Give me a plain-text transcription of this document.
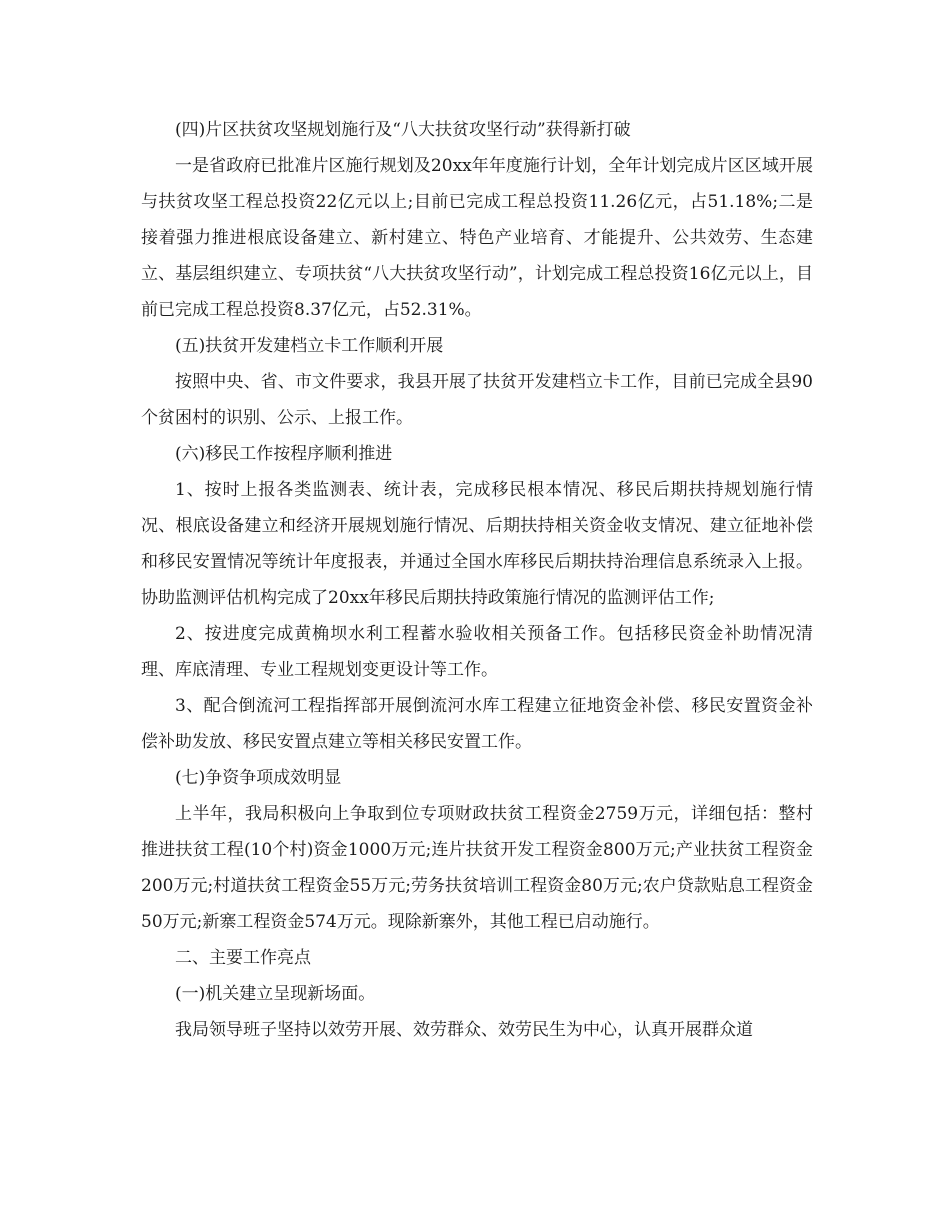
(四)片区扶贫攻坚规划施行及“八大扶贫攻坚行动”获得新打破

一是省政府已批准片区施行规划及20xx年年度施行计划，全年计划完成片区区域开展与扶贫攻坚工程总投资22亿元以上;目前已完成工程总投资11.26亿元，占51.18%;二是接着强力推进根底设备建立、新村建立、特色产业培育、才能提升、公共效劳、生态建立、基层组织建立、专项扶贫“八大扶贫攻坚行动”，计划完成工程总投资16亿元以上，目前已完成工程总投资8.37亿元，占52.31%。

(五)扶贫开发建档立卡工作顺利开展

按照中央、省、市文件要求，我县开展了扶贫开发建档立卡工作，目前已完成全县90个贫困村的识别、公示、上报工作。

(六)移民工作按程序顺利推进

1、按时上报各类监测表、统计表，完成移民根本情况、移民后期扶持规划施行情况、根底设备建立和经济开展规划施行情况、后期扶持相关资金收支情况、建立征地补偿和移民安置情况等统计年度报表，并通过全国水库移民后期扶持治理信息系统录入上报。协助监测评估机构完成了20xx年移民后期扶持政策施行情况的监测评估工作;

2、按进度完成黄桷坝水利工程蓄水验收相关预备工作。包括移民资金补助情况清理、库底清理、专业工程规划变更设计等工作。

3、配合倒流河工程指挥部开展倒流河水库工程建立征地资金补偿、移民安置资金补偿补助发放、移民安置点建立等相关移民安置工作。

(七)争资争项成效明显

上半年，我局积极向上争取到位专项财政扶贫工程资金2759万元，详细包括：整村推进扶贫工程(10个村)资金1000万元;连片扶贫开发工程资金800万元;产业扶贫工程资金200万元;村道扶贫工程资金55万元;劳务扶贫培训工程资金80万元;农户贷款贴息工程资金50万元;新寨工程资金574万元。现除新寨外，其他工程已启动施行。

二、主要工作亮点

(一)机关建立呈现新场面。

我局领导班子坚持以效劳开展、效劳群众、效劳民生为中心，认真开展群众道
